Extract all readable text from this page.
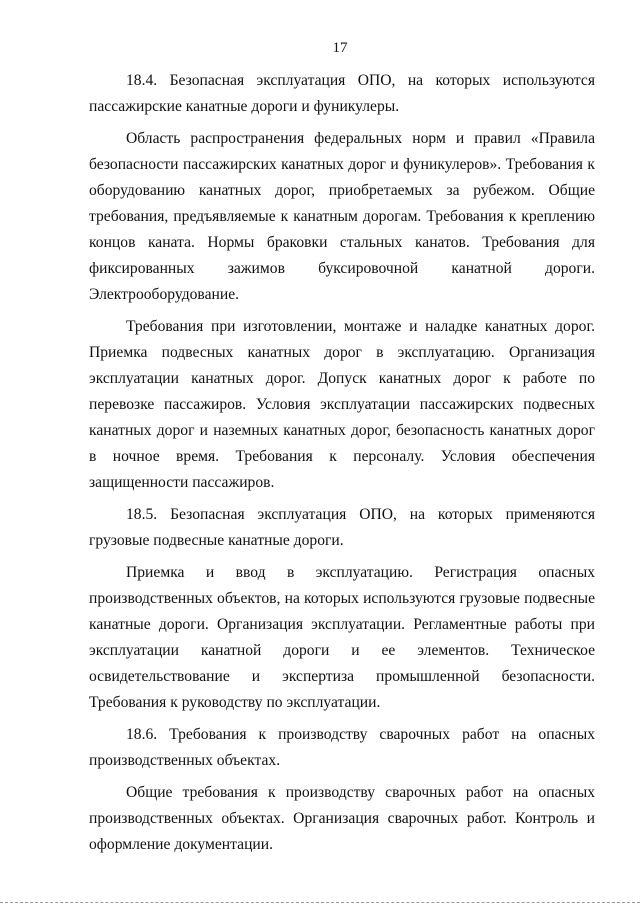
17

18.4. Безопасная эксплуатация ОПО, на которых используются пассажирские канатные дороги и фуникулеры.

Область распространения федеральных норм и правил «Правила безопасности пассажирских канатных дорог и фуникулеров». Требования к оборудованию канатных дорог, приобретаемых за рубежом. Общие требования, предъявляемые к канатным дорогам. Требования к креплению концов каната. Нормы браковки стальных канатов. Требования для фиксированных зажимов буксировочной канатной дороги. Электрооборудование.

Требования при изготовлении, монтаже и наладке канатных дорог. Приемка подвесных канатных дорог в эксплуатацию. Организация эксплуатации канатных дорог. Допуск канатных дорог к работе по перевозке пассажиров. Условия эксплуатации пассажирских подвесных канатных дорог и наземных канатных дорог, безопасность канатных дорог в ночное время. Требования к персоналу. Условия обеспечения защищенности пассажиров.

18.5. Безопасная эксплуатация ОПО, на которых применяются грузовые подвесные канатные дороги.

Приемка и ввод в эксплуатацию. Регистрация опасных производственных объектов, на которых используются грузовые подвесные канатные дороги. Организация эксплуатации. Регламентные работы при эксплуатации канатной дороги и ее элементов. Техническое освидетельствование и экспертиза промышленной безопасности. Требования к руководству по эксплуатации.

18.6. Требования к производству сварочных работ на опасных производственных объектах.

Общие требования к производству сварочных работ на опасных производственных объектах. Организация сварочных работ. Контроль и оформление документации.
